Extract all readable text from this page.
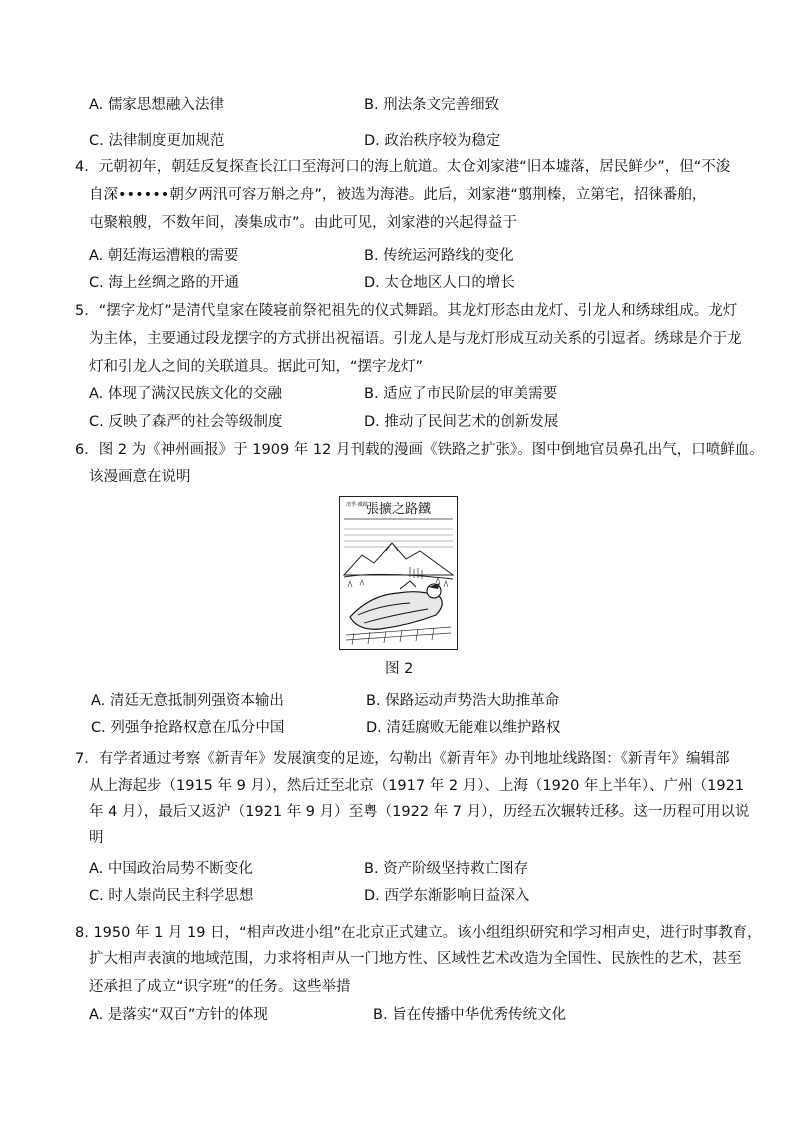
A. 儒家思想融入法律	B. 刑法条文完善细致
C. 法律制度更加规范	D. 政治秩序较为稳定
4．元朝初年，朝廷反复探查长江口至海河口的海上航道。太仓刘家港“旧本墟落，居民鲜少”，但“不浚
自深••••••朝夕两汛可容万斛之舟”，被选为海港。此后，刘家港“翦荆榛，立第宅，招徕番舶，
屯聚粮艘，不数年间，凑集成市”。由此可见，刘家港的兴起得益于
A. 朝廷海运漕粮的需要	B. 传统运河路线的变化
C. 海上丝绸之路的开通	D. 太仓地区人口的增长
5．“摆字龙灯”是清代皇家在陵寝前祭祀祖先的仪式舞蹈。其龙灯形态由龙灯、引龙人和绣球组成。龙灯
为主体，主要通过段龙摆字的方式拼出祝福语。引龙人是与龙灯形成互动关系的引逗者。绣球是介于龙
灯和引龙人之间的关联道具。据此可知，“摆字龙灯”
A. 体现了满汉民族文化的交融	B. 适应了市民阶层的审美需要
C. 反映了森严的社会等级制度	D. 推动了民间艺术的创新发展
6．图 2 为《神州画报》于 1909 年 12 月刊载的漫画《铁路之扩张》。图中倒地官员鼻孔出气，口喷鲜血。
该漫画意在说明
清季·鐵路
張擴之路鐵
图 2
A. 清廷无意抵制列强资本输出	B. 保路运动声势浩大助推革命
C. 列强争抢路权意在瓜分中国	D. 清廷腐败无能难以维护路权
7．有学者通过考察《新青年》发展演变的足迹，勾勒出《新青年》办刊地址线路图：《新青年》编辑部
从上海起步（1915 年 9 月），然后迁至北京（1917 年 2 月）、上海（1920 年上半年）、广州（1921
年 4 月），最后又返沪（1921 年 9 月）至粤（1922 年 7 月），历经五次辗转迁移。这一历程可用以说
明
A. 中国政治局势不断变化	B. 资产阶级坚持救亡图存
C. 时人崇尚民主科学思想	D. 西学东渐影响日益深入
8. 1950 年 1 月 19 日，“相声改进小组”在北京正式建立。该小组组织研究和学习相声史，进行时事教育，
扩大相声表演的地域范围，力求将相声从一门地方性、区域性艺术改造为全国性、民族性的艺术，甚至
还承担了成立“识字班”的任务。这些举措
A. 是落实“双百”方针的体现	B. 旨在传播中华优秀传统文化
